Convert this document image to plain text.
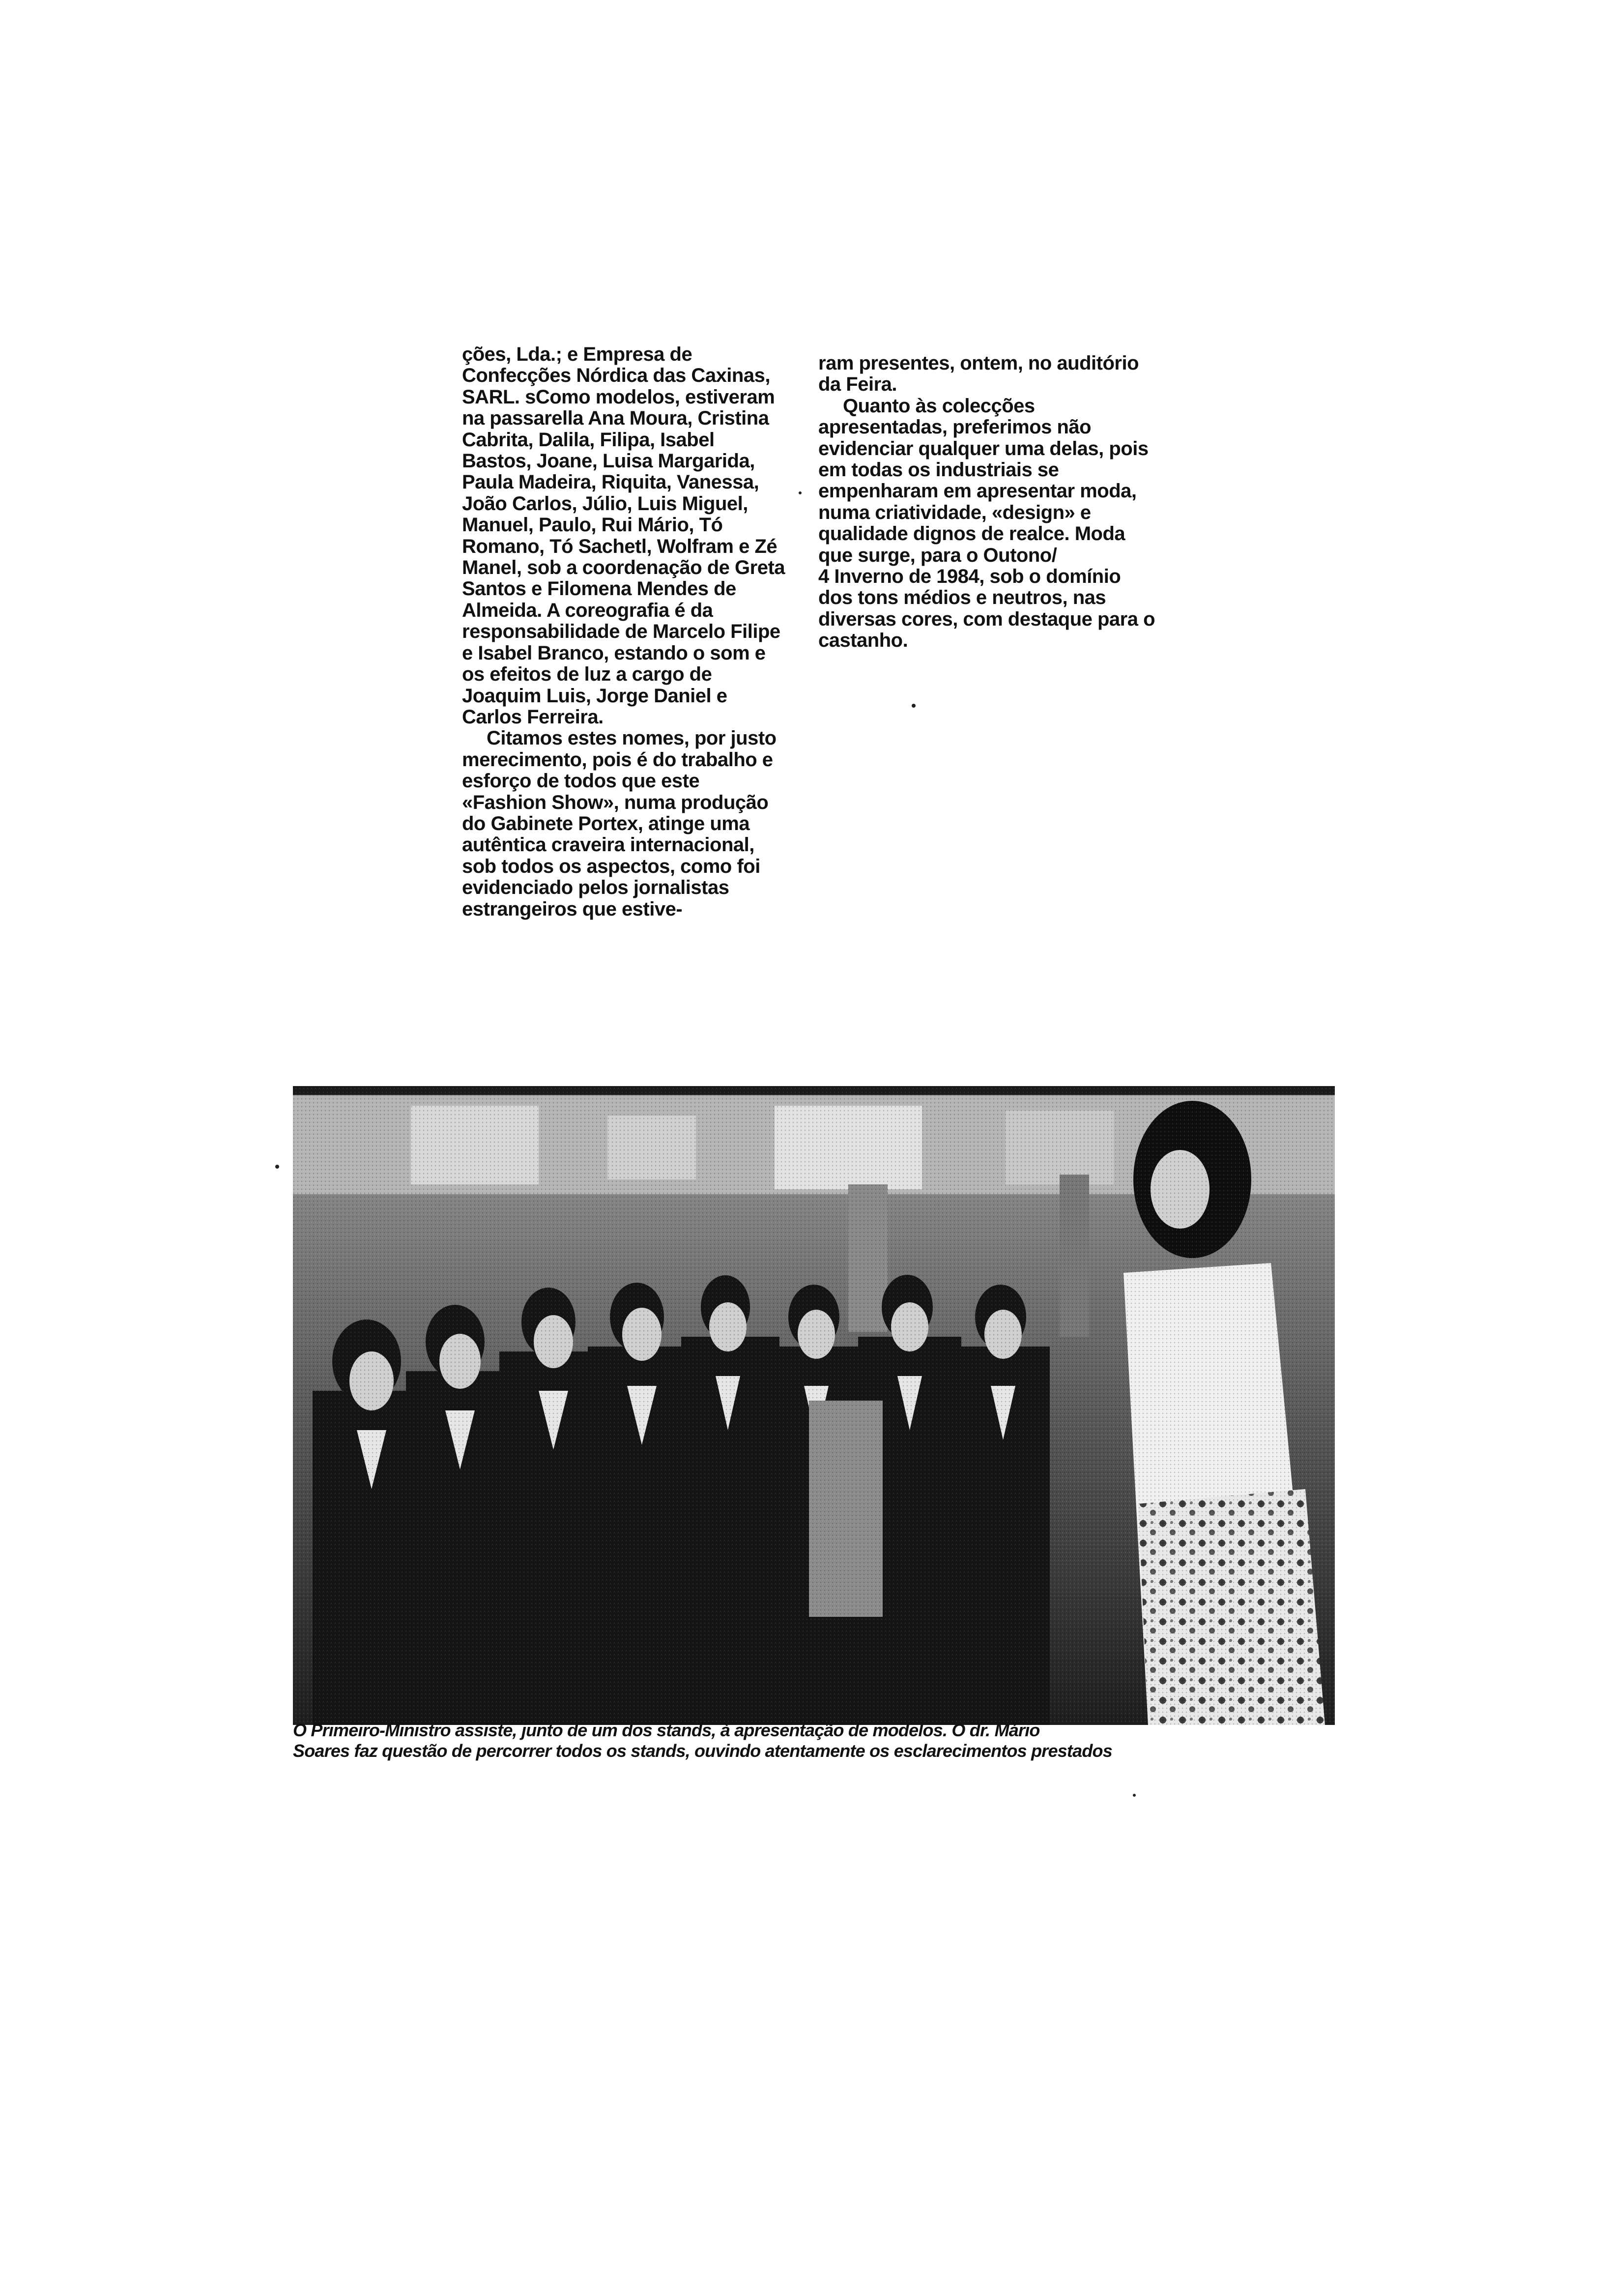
ções, Lda.; e Empresa de Confecções Nórdica das Caxinas, SARL. sComo modelos, estiveram na passarella Ana Moura, Cristina Cabrita, Dalila, Filipa, Isabel Bastos, Joane, Luisa Margarida, Paula Madeira, Riquita, Vanessa, João Carlos, Júlio, Luis Miguel, Manuel, Paulo, Rui Mário, Tó Romano, Tó Sachetl, Wolfram e Zé Manel, sob a coordenação de Greta Santos e Filomena Mendes de Almeida. A coreografia é da responsabilidade de Marcelo Filipe e Isabel Branco, estando o som e os efeitos de luz a cargo de Joaquim Luis, Jorge Daniel e Carlos Ferreira.

Citamos estes nomes, por justo merecimento, pois é do trabalho e esforço de todos que este «Fashion Show», numa produção do Gabinete Portex, atinge uma autêntica craveira internacional, sob todos os aspectos, como foi evidenciado pelos jornalistas estrangeiros que estive-

ram presentes, ontem, no auditório da Feira.

Quanto às colecções apresentadas, preferimos não evidenciar qualquer uma delas, pois em todas os industriais se empenharam em apresentar moda, numa criatividade, «design» e qualidade dignos de realce. Moda que surge, para o Outono/

4 Inverno de 1984, sob o domínio dos tons médios e neutros, nas diversas cores, com destaque para o castanho.

O Primeiro-Ministro assiste, junto de um dos stands, à apresentação de modelos. O dr. Mário

Soares faz questão de percorrer todos os stands, ouvindo atentamente os esclarecimentos prestados
